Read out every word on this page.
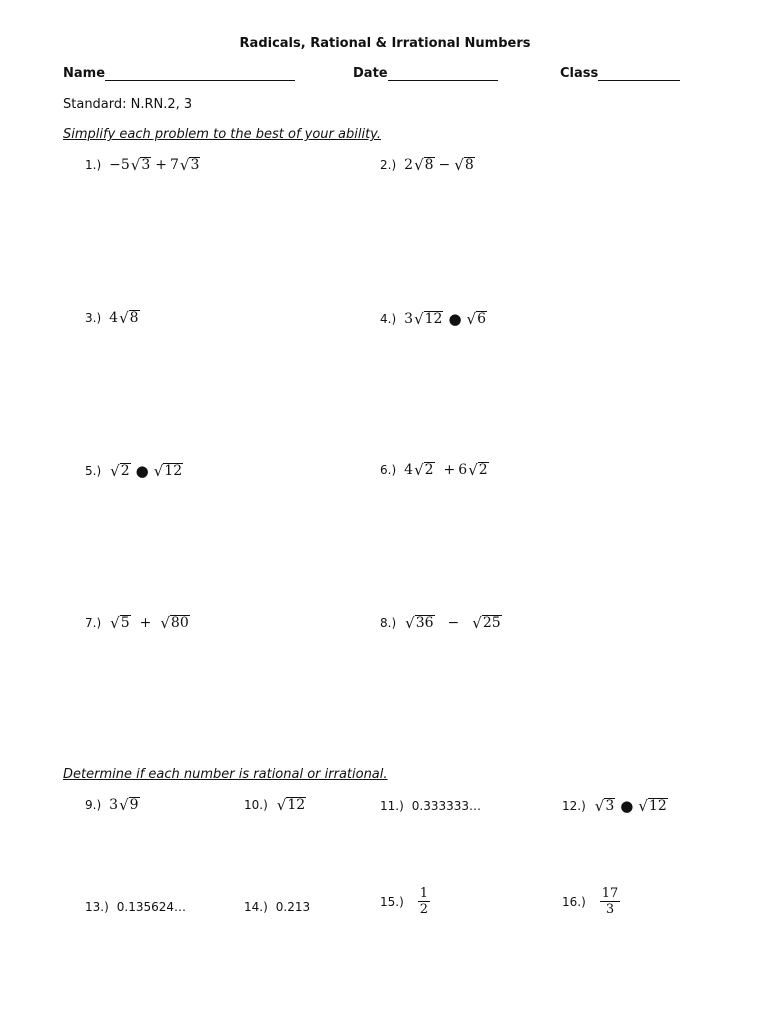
Radicals, Rational & Irrational Numbers
Name	Date	Class
Standard: N.RN.2, 3
Simplify each problem to the best of your ability.
1.) −5 √ 3 + 7 √ 3	2.) 2 √ 8 − √ 8
3.) 4 √ 8	4.) 3 √ 12 ● √ 6
5.) √ 2 ● √ 12	6.) 4 √ 2 + 6 √ 2
7.) √ 5 + √ 80	8.) √ 36 − √ 25
Determine if each number is rational or irrational.
9.) 3 √ 9	10.) √ 12	11.) 0.333333…	12.) √ 3 ● √ 12
13.) 0.135624…	14.) 0.213	$15.) \frac{1}{2}$	$16.) \frac{17}{3}$
